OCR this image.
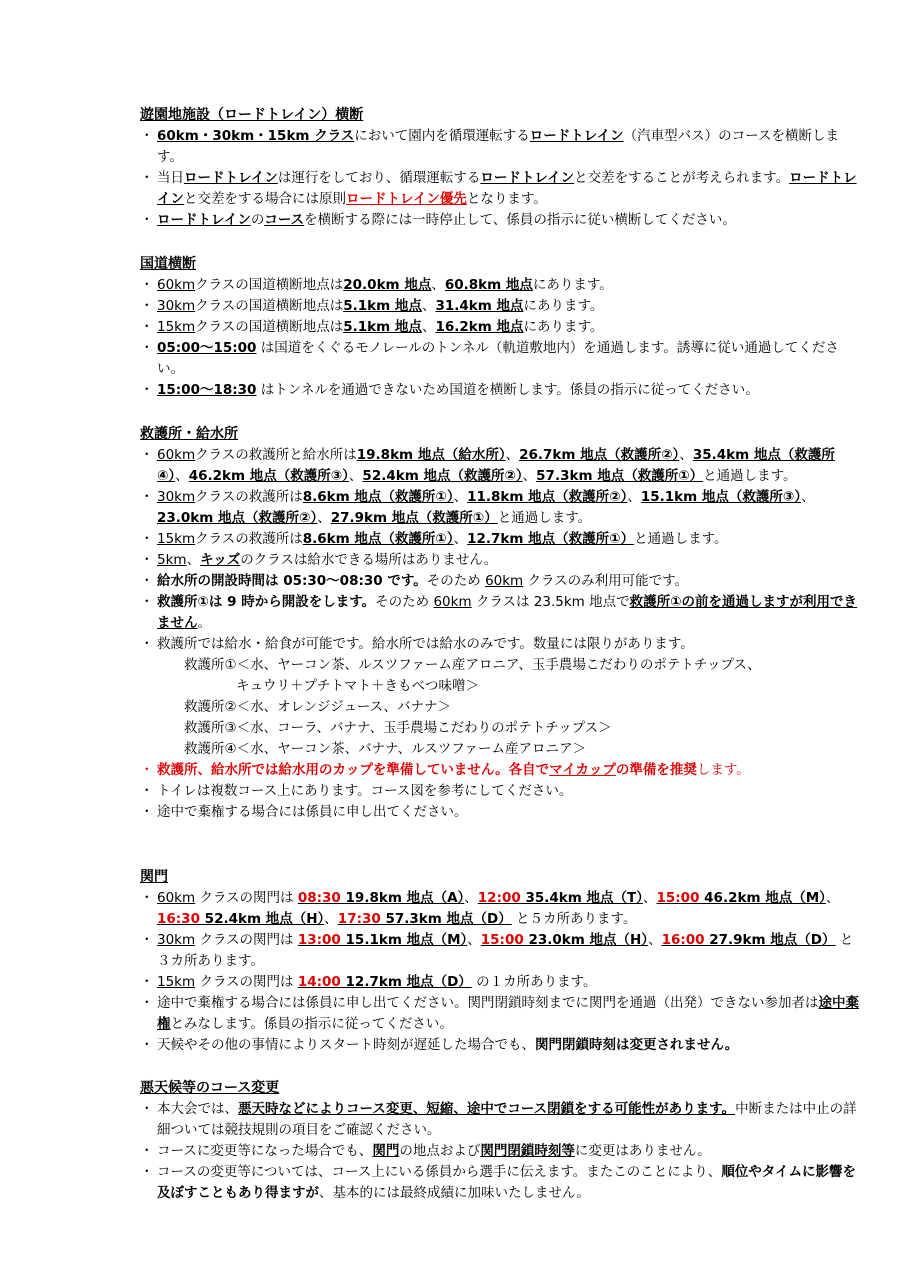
遊園地施設（ロードトレイン）横断
・ 60km・30km・15km クラスにおいて園内を循環運転するロードトレイン（汽車型バス）のコースを横断します。
・ 当日ロードトレインは運行をしており、循環運転するロードトレインと交差をすることが考えられます。ロードトレインと交差をする場合には原則ロードトレイン優先となります。
・ ロードトレインのコースを横断する際には一時停止して、係員の指示に従い横断してください。
国道横断
・ 60kmクラスの国道横断地点は20.0km 地点、60.8km 地点にあります。
・ 30kmクラスの国道横断地点は5.1km 地点、31.4km 地点にあります。
・ 15kmクラスの国道横断地点は5.1km 地点、16.2km 地点にあります。
・ 05:00～15:00 は国道をくぐるモノレールのトンネル（軌道敷地内）を通過します。誘導に従い通過してください。
・ 15:00～18:30 はトンネルを通過できないため国道を横断します。係員の指示に従ってください。
救護所・給水所
・ 60kmクラスの救護所と給水所は19.8km 地点（給水所）、26.7km 地点（救護所②）、35.4km 地点（救護所④）、46.2km 地点（救護所③）、52.4km 地点（救護所②）、57.3km 地点（救護所①）と通過します。
・ 30kmクラスの救護所は8.6km 地点（救護所①）、11.8km 地点（救護所②）、15.1km 地点（救護所③）、23.0km 地点（救護所②）、27.9km 地点（救護所①）と通過します。
・ 15kmクラスの救護所は8.6km 地点（救護所①）、12.7km 地点（救護所①）と通過します。
・ 5km、キッズのクラスは給水できる場所はありません。
・ 給水所の開設時間は 05:30～08:30 です。そのため 60km クラスのみ利用可能です。
・ 救護所①は 9 時から開設をします。そのため 60km クラスは 23.5km 地点で救護所①の前を通過しますが利用できません。
・ 救護所では給水・給食が可能です。給水所では給水のみです。数量には限りがあります。
救護所①＜水、ヤーコン茶、ルスツファーム産アロニア、玉手農場こだわりのポテトチップス、
キュウリ＋プチトマト＋きもべつ味噌＞
救護所②＜水、オレンジジュース、バナナ＞
救護所③＜水、コーラ、バナナ、玉手農場こだわりのポテトチップス＞
救護所④＜水、ヤーコン茶、バナナ、ルスツファーム産アロニア＞
・ 救護所、給水所では給水用のカップを準備していません。各自でマイカップの準備を推奨します。
・ トイレは複数コース上にあります。コース図を参考にしてください。
・ 途中で棄権する場合には係員に申し出てください。
関門
・ 60km クラスの関門は 08:30 19.8km 地点（A）、12:00 35.4km 地点（T）、15:00 46.2km 地点（M）、16:30 52.4km 地点（H）、17:30 57.3km 地点（D） と５カ所あります。
・ 30km クラスの関門は 13:00 15.1km 地点（M）、15:00 23.0km 地点（H）、16:00 27.9km 地点（D） と３カ所あります。
・ 15km クラスの関門は 14:00 12.7km 地点（D） の１カ所あります。
・ 途中で棄権する場合には係員に申し出てください。関門閉鎖時刻までに関門を通過（出発）できない参加者は途中棄権とみなします。係員の指示に従ってください。
・ 天候やその他の事情によりスタート時刻が遅延した場合でも、関門閉鎖時刻は変更されません。
悪天候等のコース変更
・ 本大会では、悪天時などによりコース変更、短縮、途中でコース閉鎖をする可能性があります。中断または中止の詳細ついては競技規則の項目をご確認ください。
・ コースに変更等になった場合でも、関門の地点および関門閉鎖時刻等に変更はありません。
・ コースの変更等については、コース上にいる係員から選手に伝えます。またこのことにより、順位やタイムに影響を及ぼすこともあり得ますが、基本的には最終成績に加味いたしません。
